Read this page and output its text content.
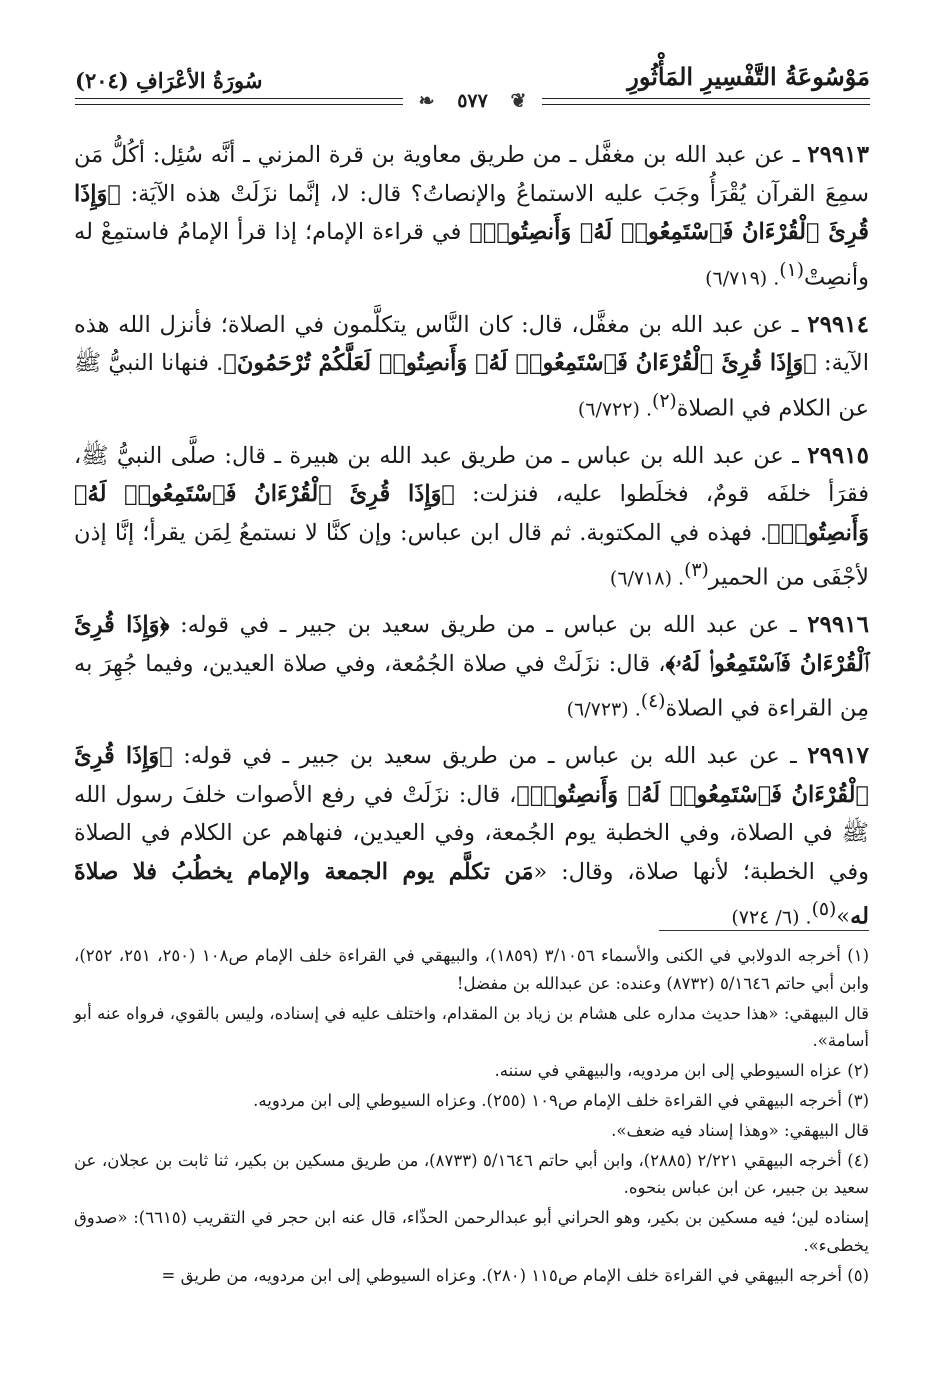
سُورَةُ الأعْرَافِ (٢٠٤)	مَوْسُوعَةُ التَّفْسِيرِ المَأْثُورِ
❧ ٥٧٧ ❦

٢٩٩١٣ ـ عن عبد الله بن مغفَّل ـ من طريق معاوية بن قرة المزني ـ أنَّه سُئِل: أكُلُّ مَن سمِعَ القرآن يُقْرَأُ وجَبَ عليه الاستماعُ والإنصاتُ؟ قال: لا، إنَّما نزَلَتْ هذه الآيَة: ﴿وَإِذَا قُرِئَ ٱلْقُرْءَانُ فَٱسْتَمِعُوا۟ لَهُۥ وَأَنصِتُوا۟﴾ في قراءة الإمام؛ إذا قرأ الإمامُ فاستمِعْ له وأنصِتْ$^{(١)}$. (٦/٧١٩)

٢٩٩١٤ ـ عن عبد الله بن مغفَّل، قال: كان النَّاس يتكلَّمون في الصلاة؛ فأنزل الله هذه الآية: ﴿وَإِذَا قُرِئَ ٱلْقُرْءَانُ فَٱسْتَمِعُوا۟ لَهُۥ وَأَنصِتُوا۟ لَعَلَّكُمْ تُرْحَمُونَ﴾. فنهانا النبيُّ ﷺ عن الكلام في الصلاة$^{(٢)}$. (٦/٧٢٢)

٢٩٩١٥ ـ عن عبد الله بن عباس ـ من طريق عبد الله بن هبيرة ـ قال: صلَّى النبيُّ ﷺ، فقرَأ خلفَه قومٌ، فخلَطوا عليه، فنزلت: ﴿وَإِذَا قُرِئَ ٱلْقُرْءَانُ فَٱسْتَمِعُوا۟ لَهُۥ وَأَنصِتُوا۟﴾. فهذه في المكتوبة. ثم قال ابن عباس: وإن كنَّا لا نستمعُ لِمَن يقرأ؛ إنَّا إذن لأجْفَى من الحمير$^{(٣)}$. (٦/٧١٨)

٢٩٩١٦ ـ عن عبد الله بن عباس ـ من طريق سعيد بن جبير ـ في قوله: ﴿وَإِذَا قُرِئَ ٱلْقُرْءَانُ فَٱسْتَمِعُوا۟ لَهُۥ﴾، قال: نزَلَتْ في صلاة الجُمُعة، وفي صلاة العيدين، وفيما جُهِرَ به مِن القراءة في الصلاة$^{(٤)}$. (٦/٧٢٣)

٢٩٩١٧ ـ عن عبد الله بن عباس ـ من طريق سعيد بن جبير ـ في قوله: ﴿وَإِذَا قُرِئَ ٱلْقُرْءَانُ فَٱسْتَمِعُوا۟ لَهُۥ وَأَنصِتُوا۟﴾، قال: نزَلَتْ في رفع الأصوات خلفَ رسول الله ﷺ في الصلاة، وفي الخطبة يوم الجُمعة، وفي العيدين، فنهاهم عن الكلام في الصلاة وفي الخطبة؛ لأنها صلاة، وقال: «مَن تكلَّم يوم الجمعة والإمام يخطُبُ فلا صلاةَ له»$^{(٥)}$. (٦/ ٧٢٤)

(١) أخرجه الدولابي في الكنى والأسماء ٣/١٠٥٦ (١٨٥٩)، والبيهقي في القراءة خلف الإمام ص١٠٨ (٢٥٠، ٢٥١، ٢٥٢)، وابن أبي حاتم ٥/١٦٤٦ (٨٧٣٢) وعنده: عن عبدالله بن مفضل!

قال البيهقي: «هذا حديث مداره على هشام بن زياد بن المقدام، واختلف عليه في إسناده، وليس بالقوي، فرواه عنه أبو أسامة».

(٢) عزاه السيوطي إلى ابن مردويه، والبيهقي في سننه.

(٣) أخرجه البيهقي في القراءة خلف الإمام ص١٠٩ (٢٥٥). وعزاه السيوطي إلى ابن مردويه.

قال البيهقي: «وهذا إسناد فيه ضعف».

(٤) أخرجه البيهقي ٢/٢٢١ (٢٨٨٥)، وابن أبي حاتم ٥/١٦٤٦ (٨٧٣٣)، من طريق مسكين بن بكير، ثنا ثابت بن عجلان، عن سعيد بن جبير، عن ابن عباس بنحوه.

إسناده لين؛ فيه مسكين بن بكير، وهو الحراني أبو عبدالرحمن الحذّاء، قال عنه ابن حجر في التقريب (٦٦١٥): «صدوق يخطىء».

(٥) أخرجه البيهقي في القراءة خلف الإمام ص١١٥ (٢٨٠). وعزاه السيوطي إلى ابن مردويه، من طريق =
